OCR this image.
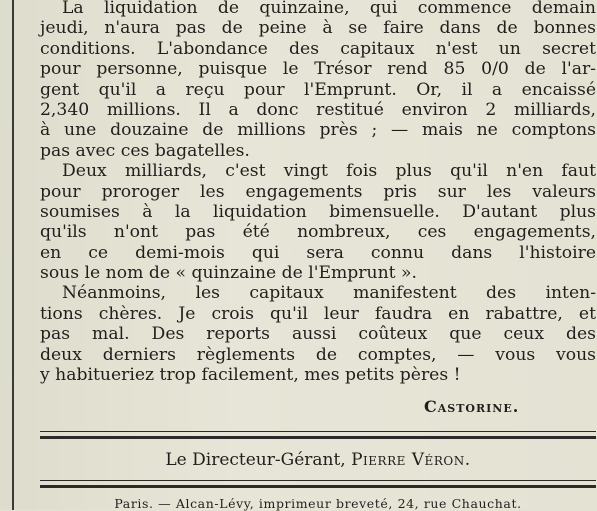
La liquidation de quinzaine, qui commence demain
jeudi, n'aura pas de peine à se faire dans de bonnes
conditions. L'abondance des capitaux n'est un secret
pour personne, puisque le Trésor rend 85 0/0 de l'ar-
gent qu'il a reçu pour l'Emprunt. Or, il a encaissé
2,340 millions. Il a donc restitué environ 2 milliards,
à une douzaine de millions près ; — mais ne comptons
pas avec ces bagatelles.
Deux milliards, c'est vingt fois plus qu'il n'en faut
pour proroger les engagements pris sur les valeurs
soumises à la liquidation bimensuelle. D'autant plus
qu'ils n'ont pas été nombreux, ces engagements,
en ce demi-mois qui sera connu dans l'histoire
sous le nom de « quinzaine de l'Emprunt ».
Néanmoins, les capitaux manifestent des inten-
tions chères. Je crois qu'il leur faudra en rabattre, et
pas mal. Des reports aussi coûteux que ceux des
deux derniers règlements de comptes, — vous vous
y habitueriez trop facilement, mes petits pères !
Castorine.
Le Directeur-Gérant, Pierre Véron.
Paris. — Alcan-Lévy, imprimeur breveté, 24, rue Chauchat.
